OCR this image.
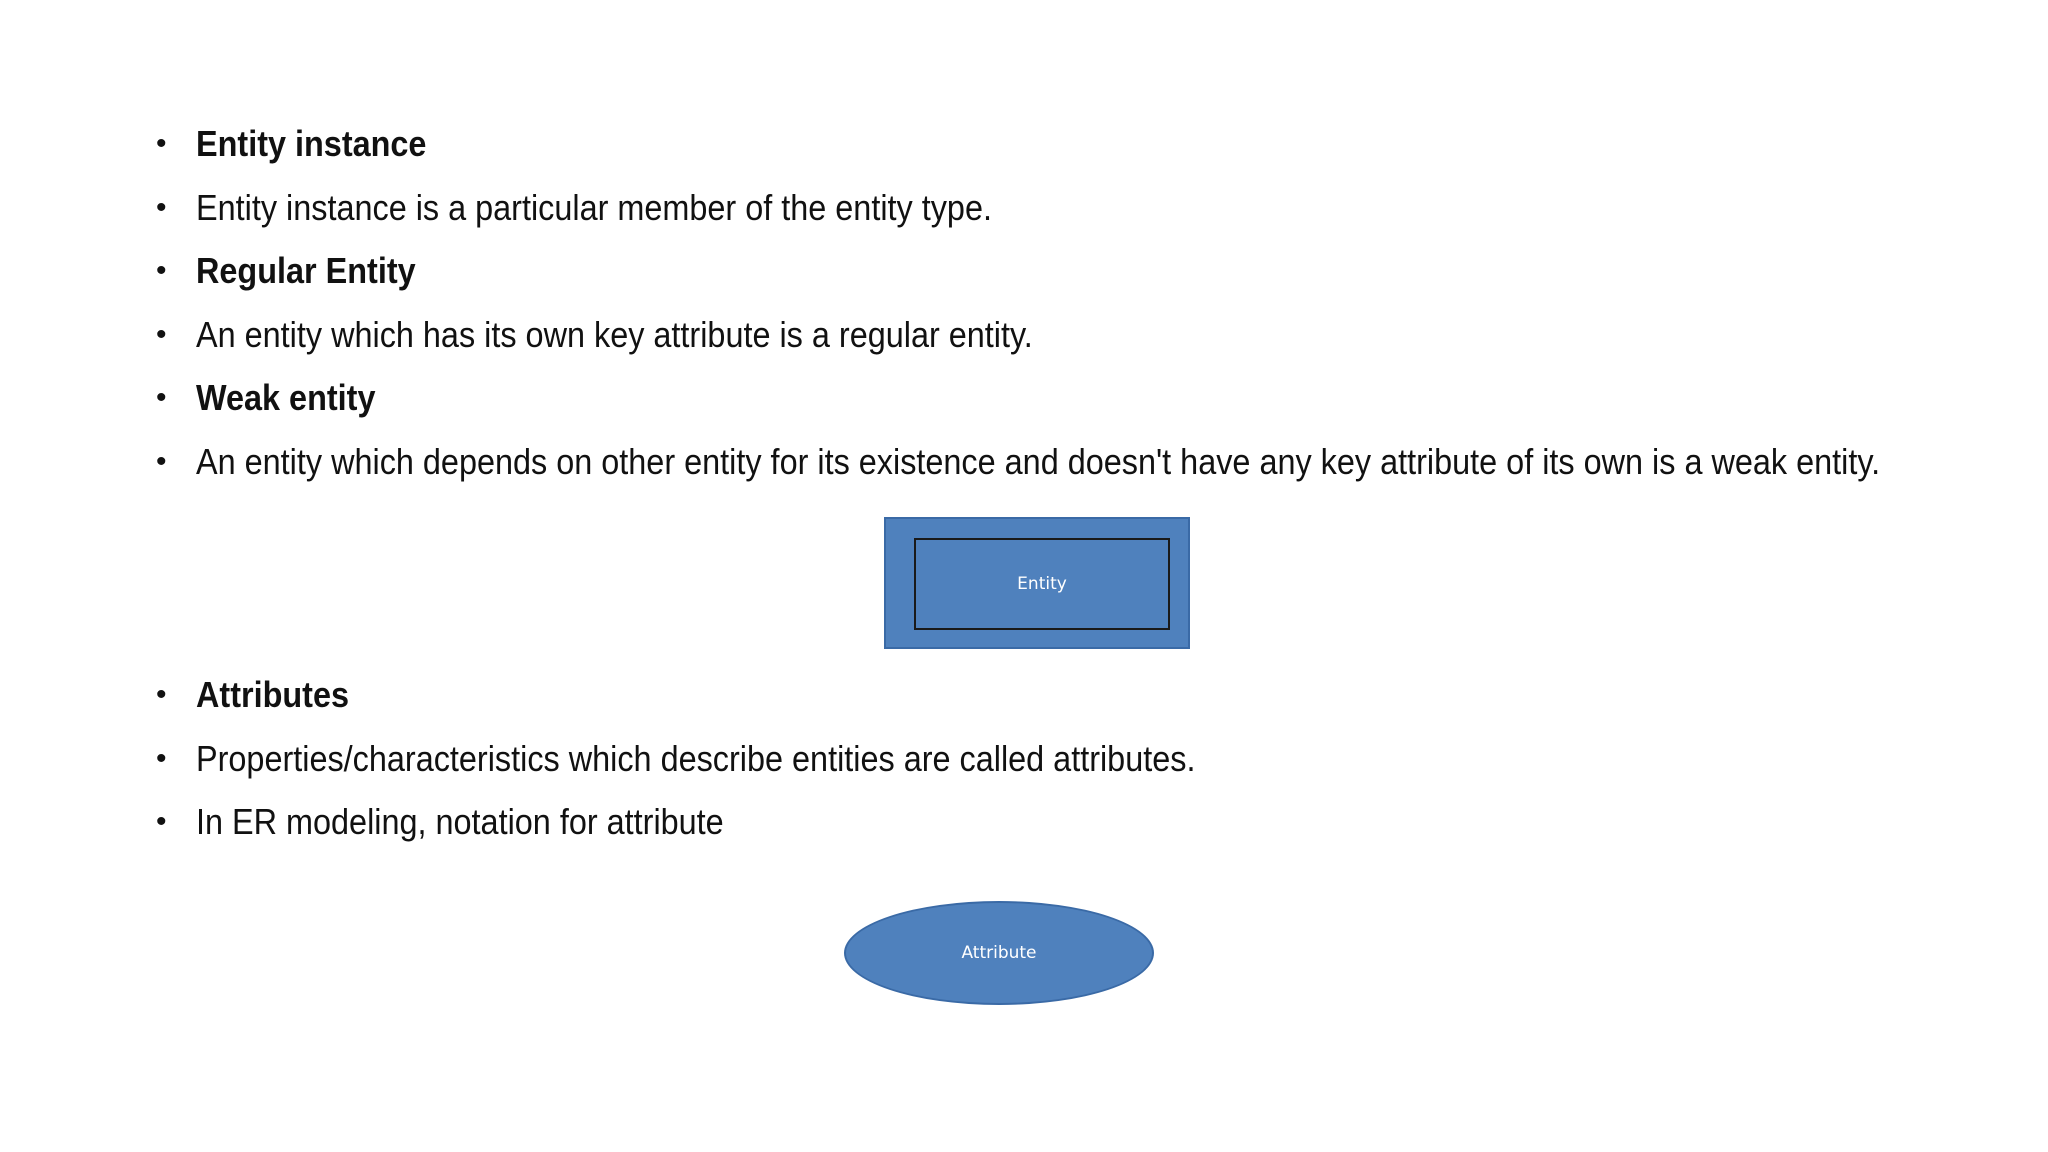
• Entity instance
• Entity instance is a particular member of the entity type.
• Regular Entity
• An entity which has its own key attribute is a regular entity.
• Weak entity
• An entity which depends on other entity for its existence and doesn't have any key attribute of its own is a weak entity.
Entity
• Attributes
• Properties/characteristics which describe entities are called attributes.
• In ER modeling, notation for attribute
Attribute
